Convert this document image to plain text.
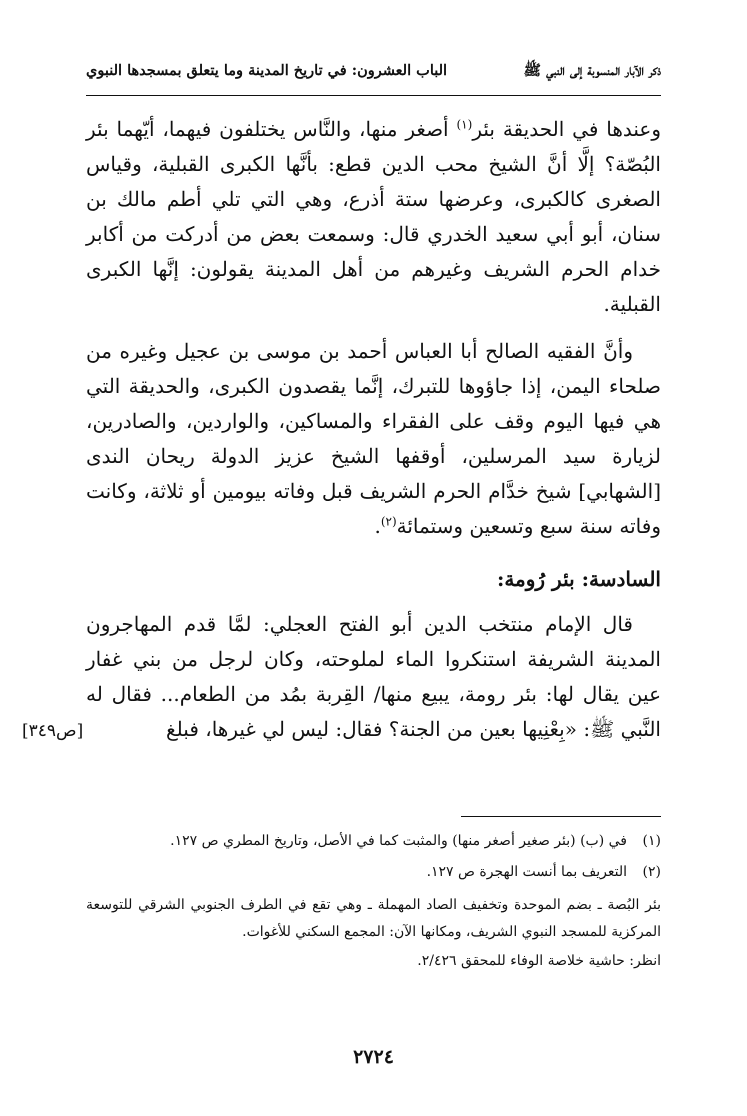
الباب العشرون: في تاريخ المدينة وما يتعلق بمسجدها النبوي	ذكر الآبار المنسوبة إلى النبي ﷺ

وعندها في الحديقة بئر$^{(١)}$ أصغر منها، والنَّاس يختلفون فيهما، أيّهما بئر البُصّة؟ إلَّا أنَّ الشيخ محب الدين قطع: بأنَّها الكبرى القبلية، وقياس الصغرى كالكبرى، وعرضها ستة أذرع، وهي التي تلي أطم مالك بن سنان، أبو أبي سعيد الخدري قال: وسمعت بعض من أدركت من أكابر خدام الحرم الشريف وغيرهم من أهل المدينة يقولون: إنَّها الكبرى القبلية.

وأنَّ الفقيه الصالح أبا العباس أحمد بن موسى بن عجيل وغيره من صلحاء اليمن، إذا جاؤوها للتبرك، إنَّما يقصدون الكبرى، والحديقة التي هي فيها اليوم وقف على الفقراء والمساكين، والواردين، والصادرين، لزيارة سيد المرسلين، أوقفها الشيخ عزيز الدولة ريحان الندى [الشهابي] شيخ خدَّام الحرم الشريف قبل وفاته بيومين أو ثلاثة، وكانت وفاته سنة سبع وتسعين وستمائة$^{(٢)}$.

السادسة: بئر رُومة:

قال الإمام منتخب الدين أبو الفتح العجلي: لمَّا قدم المهاجرون المدينة الشريفة استنكروا الماء لملوحته، وكان لرجل من بني غفار عين يقال لها: بئر رومة، يبيع منها/ القِربة بمُد من الطعام... فقال له النَّبي ﷺ: «بِعْنِيها بعين من الجنة؟ فقال: ليس لي غيرها، فبلغ

[ص٣٤٩]
(١)
في (ب) (بئر صغير أصغر منها) والمثبت كما في الأصل، وتاريخ المطري ص ١٢٧.
(٢)
التعريف بما أنست الهجرة ص ١٢٧.

بئر البُصة ـ بضم الموحدة وتخفيف الصاد المهملة ـ وهي تقع في الطرف الجنوبي الشرقي للتوسعة المركزية للمسجد النبوي الشريف، ومكانها الآن: المجمع السكني للأغوات.

انظر: حاشية خلاصة الوفاء للمحقق ٢/٤٢٦.

٢٧٢٤
